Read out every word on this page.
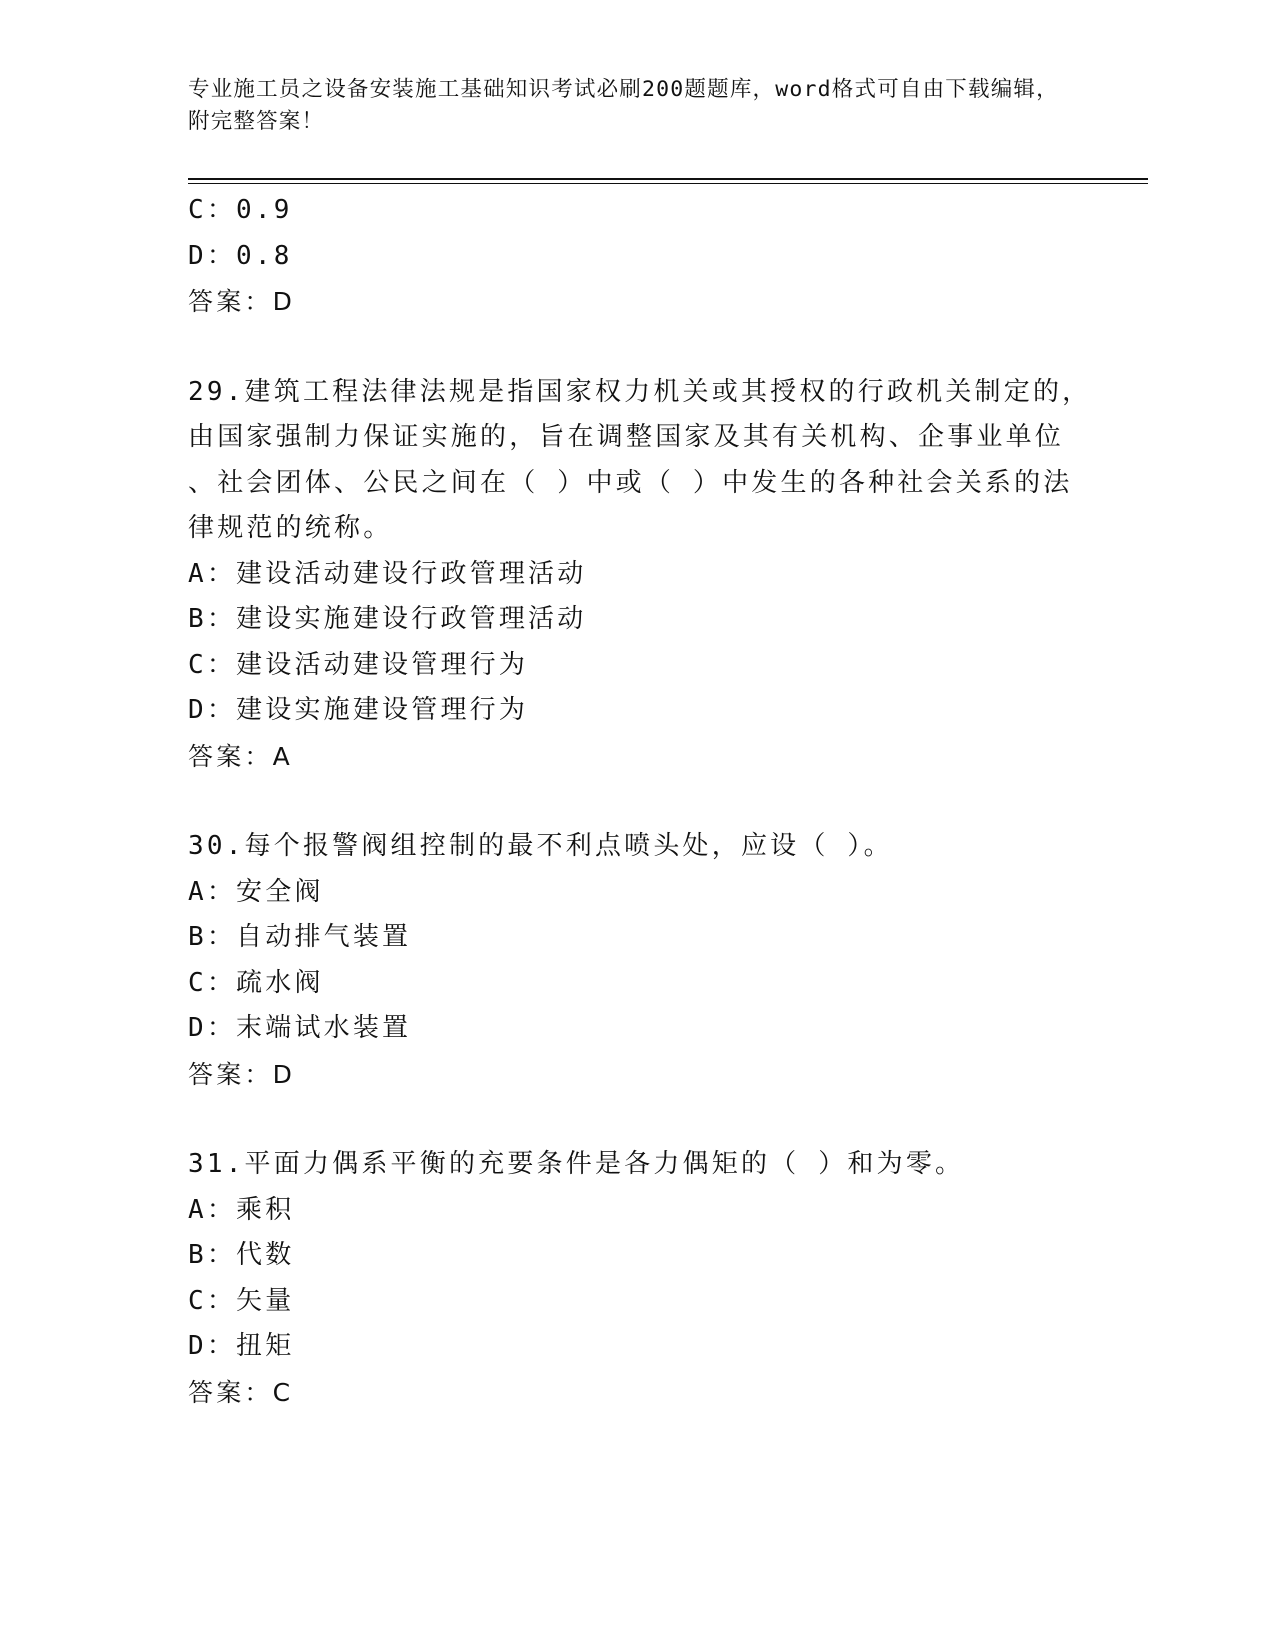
专业施工员之设备安装施工基础知识考试必刷200题题库，word格式可自由下载编辑，附完整答案！
C：0.9
D：0.8
答案：D
29.建筑工程法律法规是指国家权力机关或其授权的行政机关制定的，
由国家强制力保证实施的，旨在调整国家及其有关机构、企事业单位
、社会团体、公民之间在（ ）中或（ ）中发生的各种社会关系的法
律规范的统称。
A：建设活动建设行政管理活动
B：建设实施建设行政管理活动
C：建设活动建设管理行为
D：建设实施建设管理行为
答案：A
30.每个报警阀组控制的最不利点喷头处，应设（ ）。
A：安全阀
B：自动排气装置
C：疏水阀
D：末端试水装置
答案：D
31.平面力偶系平衡的充要条件是各力偶矩的（ ）和为零。
A：乘积
B：代数
C：矢量
D：扭矩
答案：C
